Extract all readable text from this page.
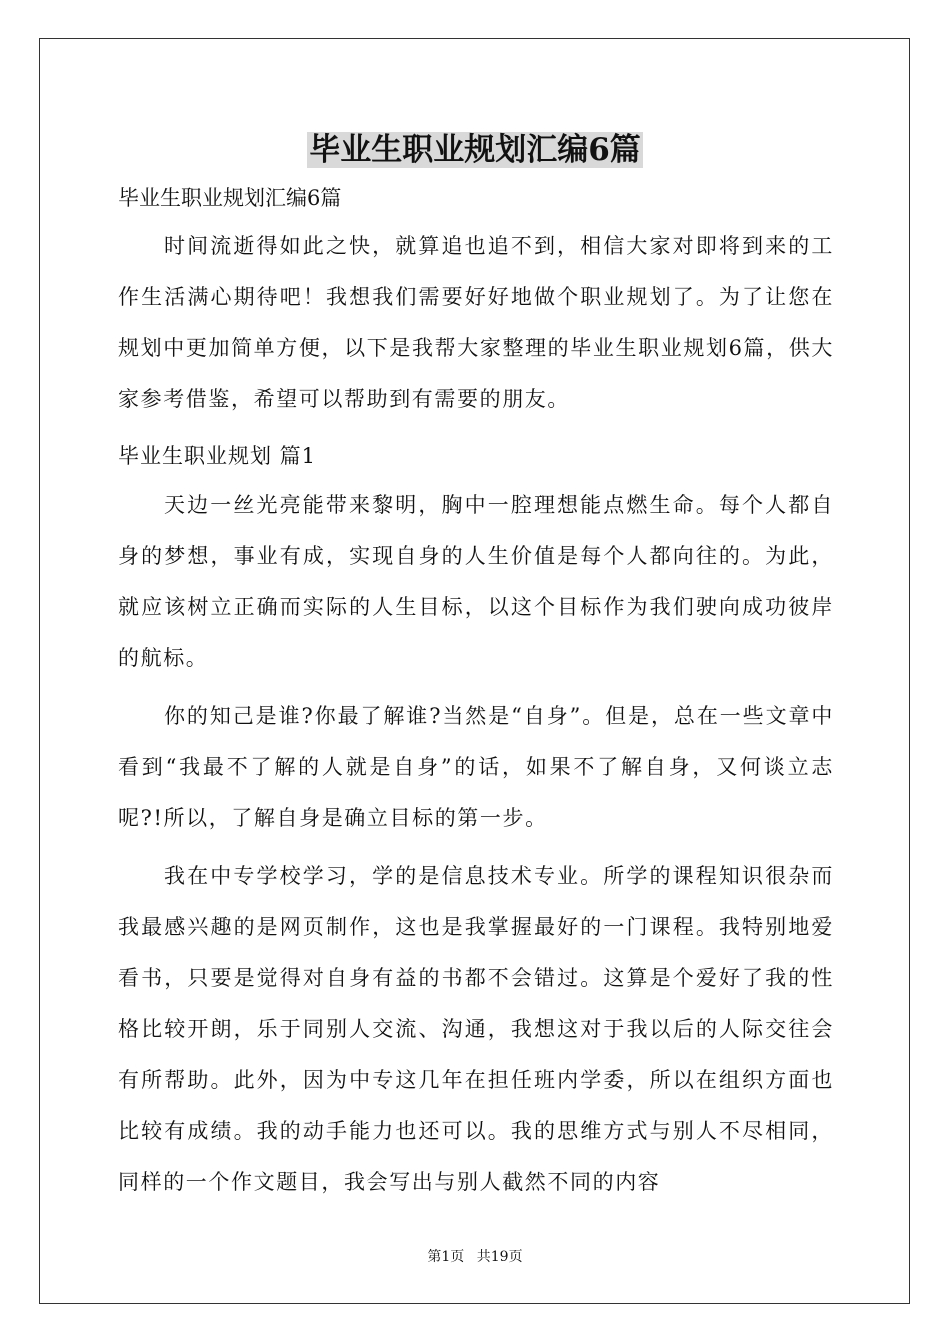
毕业生职业规划汇编6篇

毕业生职业规划汇编6篇

时间流逝得如此之快，就算追也追不到，相信大家对即将到来的工作生活满心期待吧！我想我们需要好好地做个职业规划了。为了让您在规划中更加简单方便，以下是我帮大家整理的毕业生职业规划6篇，供大家参考借鉴，希望可以帮助到有需要的朋友。

毕业生职业规划 篇1

天边一丝光亮能带来黎明，胸中一腔理想能点燃生命。每个人都自身的梦想，事业有成，实现自身的人生价值是每个人都向往的。为此，就应该树立正确而实际的人生目标，以这个目标作为我们驶向成功彼岸的航标。

你的知己是谁?你最了解谁?当然是“自身”。但是，总在一些文章中看到“我最不了解的人就是自身”的话，如果不了解自身，又何谈立志呢?!所以，了解自身是确立目标的第一步。

我在中专学校学习，学的是信息技术专业。所学的课程知识很杂而我最感兴趣的是网页制作，这也是我掌握最好的一门课程。我特别地爱看书，只要是觉得对自身有益的书都不会错过。这算是个爱好了我的性格比较开朗，乐于同别人交流、沟通，我想这对于我以后的人际交往会有所帮助。此外，因为中专这几年在担任班内学委，所以在组织方面也比较有成绩。我的动手能力也还可以。我的思维方式与别人不尽相同，同样的一个作文题目，我会写出与别人截然不同的内容

第1页 共19页
